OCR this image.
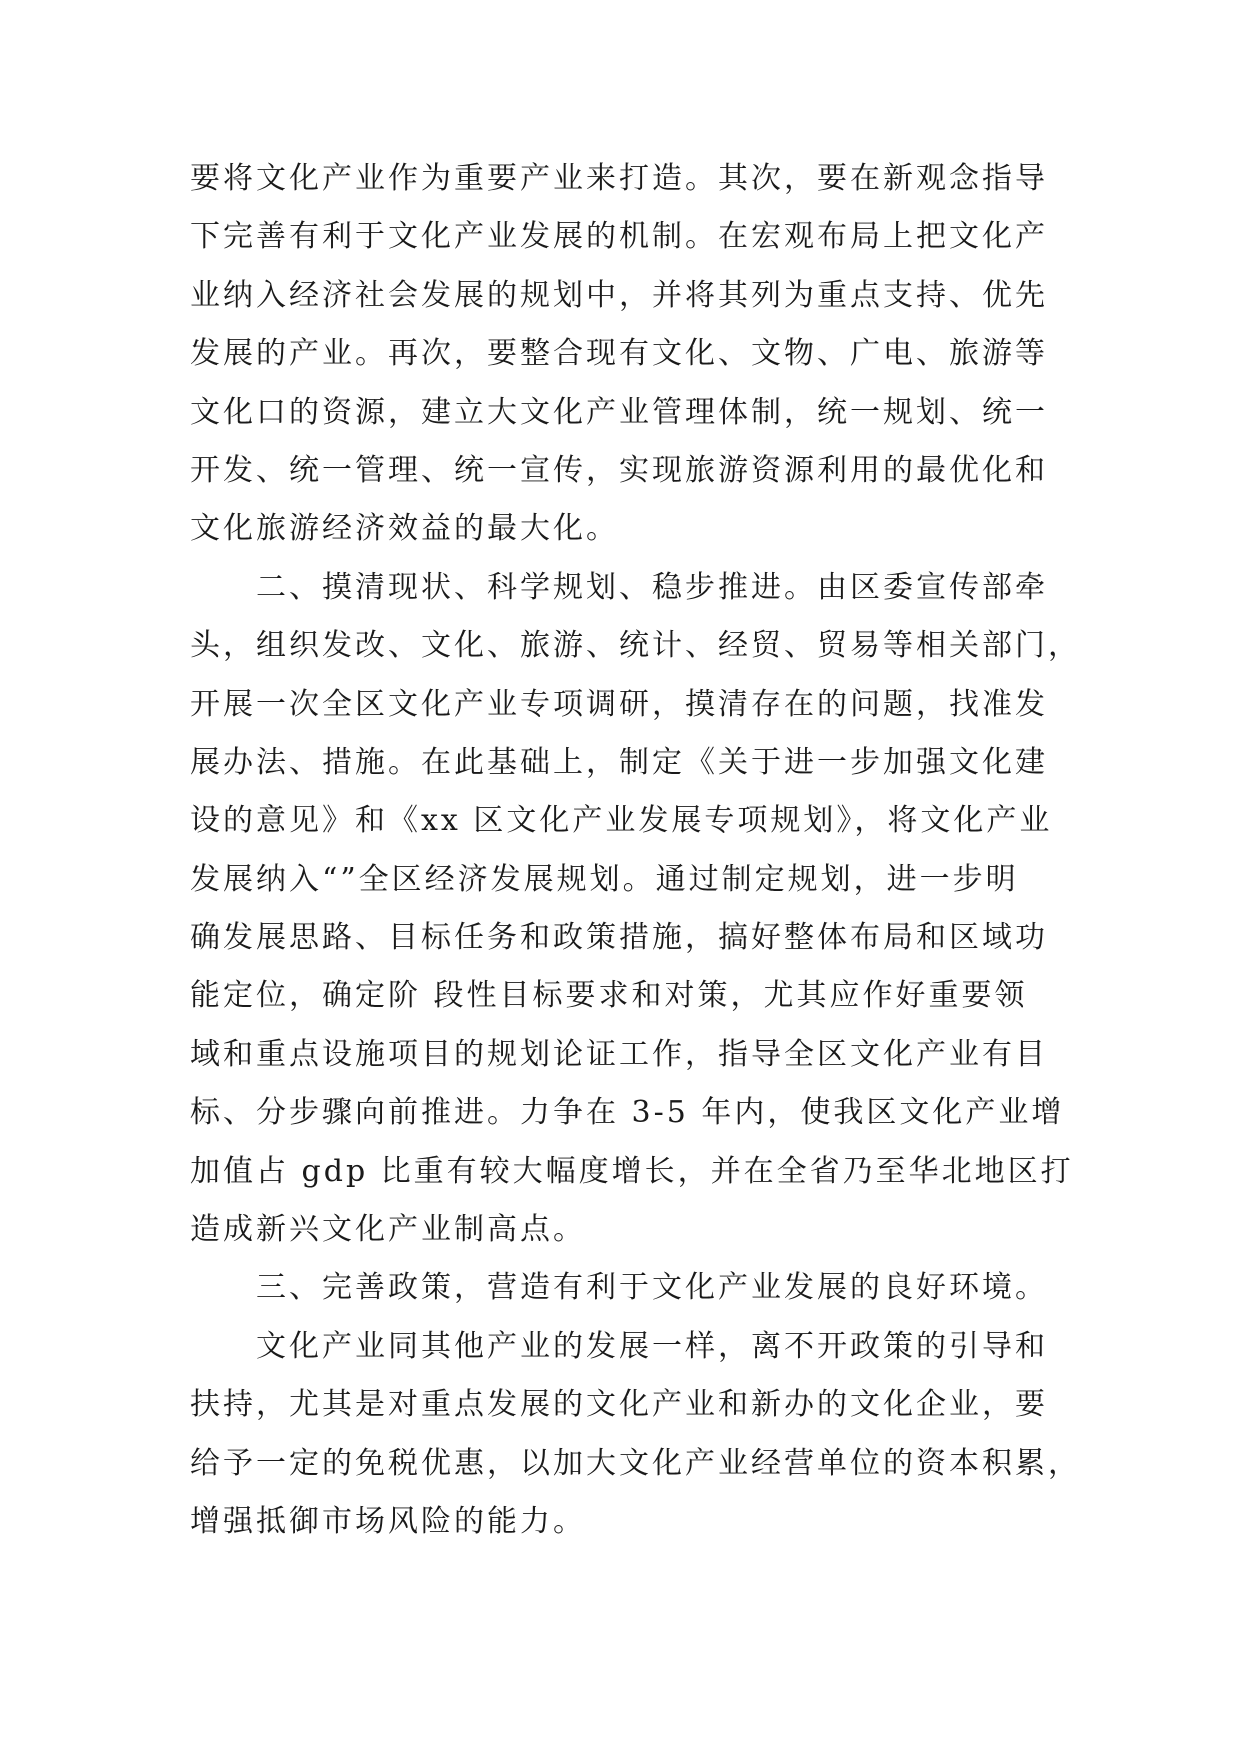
要将文化产业作为重要产业来打造。其次，要在新观念指导
下完善有利于文化产业发展的机制。在宏观布局上把文化产
业纳入经济社会发展的规划中，并将其列为重点支持、优先
发展的产业。再次，要整合现有文化、文物、广电、旅游等
文化口的资源，建立大文化产业管理体制，统一规划、统一
开发、统一管理、统一宣传，实现旅游资源利用的最优化和
文化旅游经济效益的最大化。
　　二、摸清现状、科学规划、稳步推进。由区委宣传部牵
头，组织发改、文化、旅游、统计、经贸、贸易等相关部门，
开展一次全区文化产业专项调研，摸清存在的问题，找准发
展办法、措施。在此基础上，制定《关于进一步加强文化建
设的意见》和《xx 区文化产业发展专项规划》，将文化产业
发展纳入“”全区经济发展规划。通过制定规划，进一步明
确发展思路、目标任务和政策措施，搞好整体布局和区域功
能定位，确定阶 段性目标要求和对策，尤其应作好重要领
域和重点设施项目的规划论证工作，指导全区文化产业有目
标、分步骤向前推进。力争在 3-5 年内，使我区文化产业增
加值占 gdp 比重有较大幅度增长，并在全省乃至华北地区打
造成新兴文化产业制高点。
　　三、完善政策，营造有利于文化产业发展的良好环境。
　　文化产业同其他产业的发展一样，离不开政策的引导和
扶持，尤其是对重点发展的文化产业和新办的文化企业，要
给予一定的免税优惠，以加大文化产业经营单位的资本积累，
增强抵御市场风险的能力。
